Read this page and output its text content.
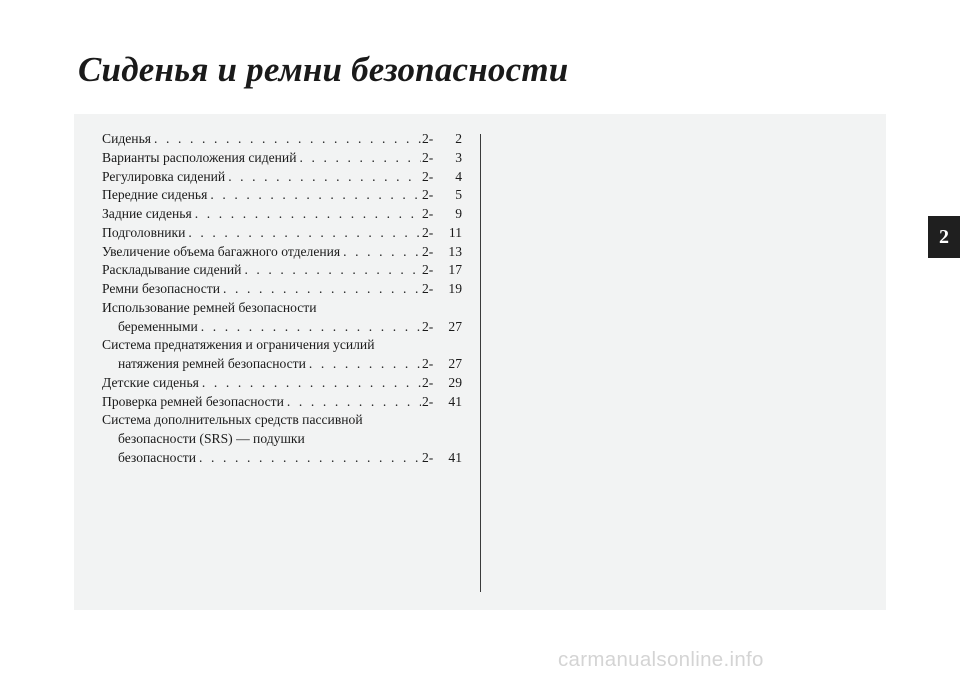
Сиденья и ремни безопасности
Сиденья . . .	2-	2
Варианты расположения сидений . . .	2-	3
Регулировка сидений . . .	2-	4
Передние сиденья . . .	2-	5
Задние сиденья . . .	2-	9
Подголовники . . .	2-	11
Увеличение объема багажного отделения . . .	2-	13
Раскладывание сидений . . .	2-	17
Ремни безопасности . . .	2-	19
Использование ремней безопасности
беременными . . .	2-	27
Система преднатяжения и ограничения усилий
натяжения ремней безопасности . . .	2-	27
Детские сиденья . . .	2-	29
Проверка ремней безопасности . . .	2-	41
Система дополнительных средств пассивной
безопасности (SRS) — подушки
безопасности . . .	2-	41
2
carmanualsonline.info
